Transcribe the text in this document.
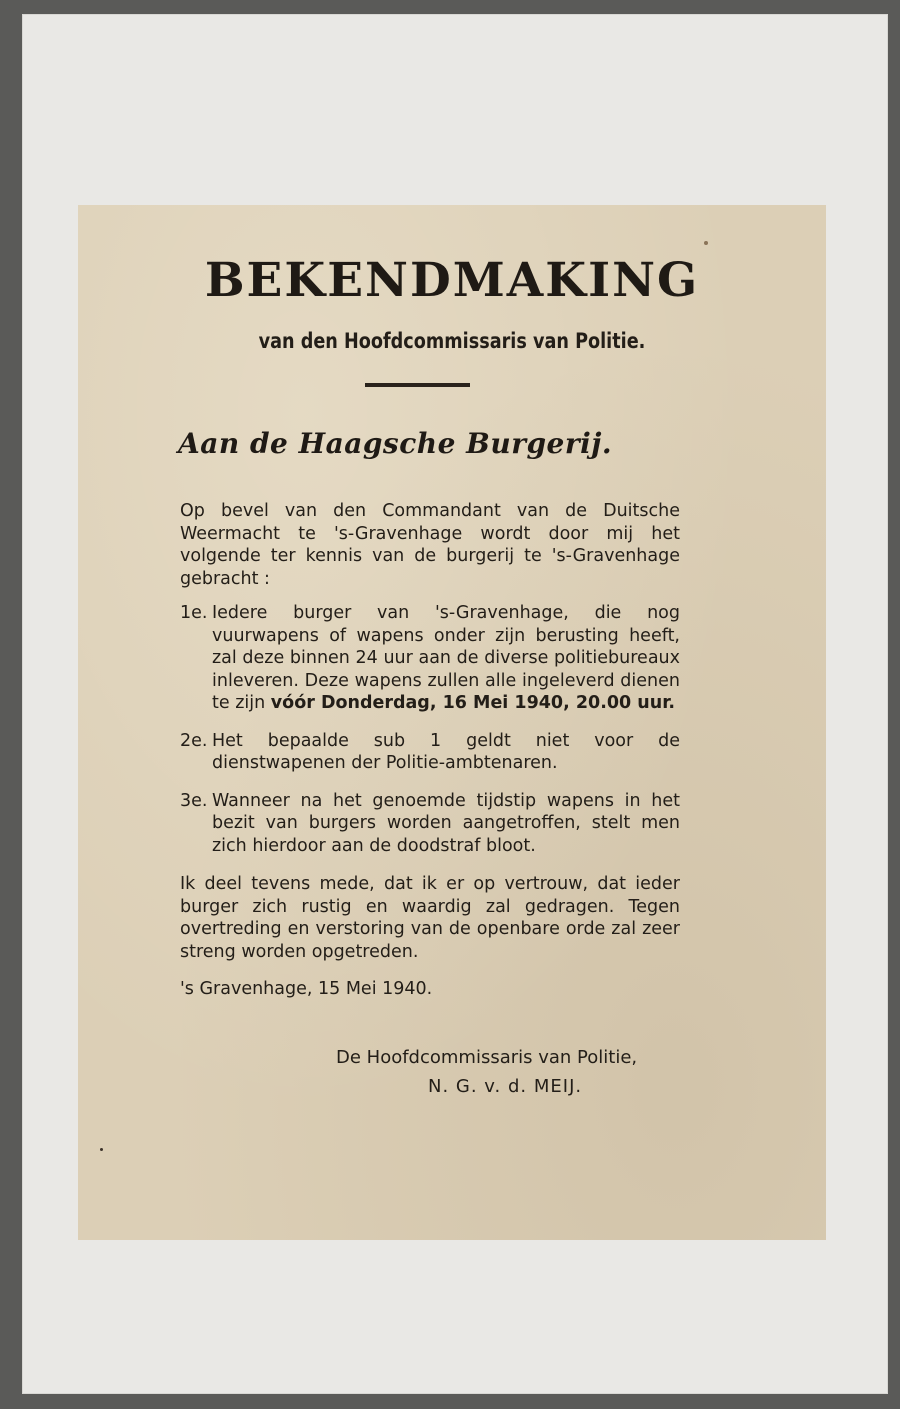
BEKENDMAKING
van den Hoofdcommissaris van Politie.
Aan de Haagsche Burgerij.

Op bevel van den Commandant van de Duitsche Weermacht te 's-Gravenhage wordt door mij het volgende ter kennis van de burgerij te 's-Gravenhage gebracht :

1e. Iedere burger van 's-Gravenhage, die nog vuurwapens of wapens onder zijn berusting heeft, zal deze binnen 24 uur aan de diverse politiebureaux inleveren. Deze wapens zullen alle ingeleverd dienen te zijn vóór Donderdag, 16 Mei 1940, 20.00 uur.
2e. Het bepaalde sub 1 geldt niet voor de dienstwapenen der Politie-ambtenaren.
3e. Wanneer na het genoemde tijdstip wapens in het bezit van burgers worden aangetroffen, stelt men zich hierdoor aan de doodstraf bloot.

Ik deel tevens mede, dat ik er op vertrouw, dat ieder burger zich rustig en waardig zal gedragen. Tegen overtreding en verstoring van de openbare orde zal zeer streng worden opgetreden.

's Gravenhage, 15 Mei 1940.

De Hoofdcommissaris van Politie,
N. G. v. d. MEIJ.
